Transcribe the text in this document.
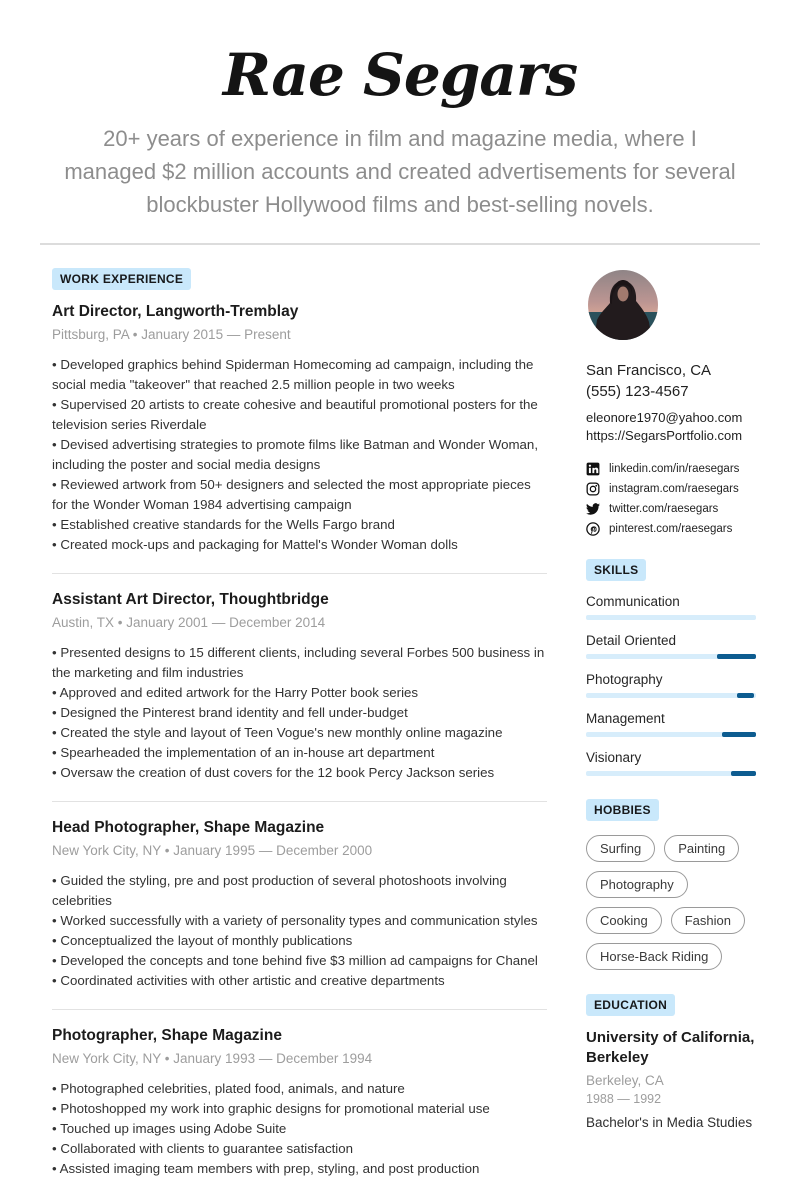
Rae Segars
20+ years of experience in film and magazine media, where I managed $2 million accounts and created advertisements for several blockbuster Hollywood films and best-selling novels.
WORK EXPERIENCE
Art Director, Langworth-Tremblay
Pittsburg, PA • January 2015 — Present
• Developed graphics behind Spiderman Homecoming ad campaign, including the social media "takeover" that reached 2.5 million people in two weeks
• Supervised 20 artists to create cohesive and beautiful promotional posters for the television series Riverdale
• Devised advertising strategies to promote films like Batman and Wonder Woman, including the poster and social media designs
• Reviewed artwork from 50+ designers and selected the most appropriate pieces for the Wonder Woman 1984 advertising campaign
• Established creative standards for the Wells Fargo brand
• Created mock-ups and packaging for Mattel's Wonder Woman dolls
Assistant Art Director, Thoughtbridge
Austin, TX • January 2001 — December 2014
• Presented designs to 15 different clients, including several Forbes 500 business in the marketing and film industries
• Approved and edited artwork for the Harry Potter book series
• Designed the Pinterest brand identity and fell under-budget
• Created the style and layout of Teen Vogue's new monthly online magazine
• Spearheaded the implementation of an in-house art department
• Oversaw the creation of dust covers for the 12 book Percy Jackson series
Head Photographer, Shape Magazine
New York City, NY • January 1995 — December 2000
• Guided the styling, pre and post production of several photoshoots involving celebrities
• Worked successfully with a variety of personality types and communication styles
• Conceptualized the layout of monthly publications
• Developed the concepts and tone behind five $3 million ad campaigns for Chanel
• Coordinated activities with other artistic and creative departments
Photographer, Shape Magazine
New York City, NY • January 1993 — December 1994
• Photographed celebrities, plated food, animals, and nature
• Photoshopped my work into graphic designs for promotional material use
• Touched up images using Adobe Suite
• Collaborated with clients to guarantee satisfaction
• Assisted imaging team members with prep, styling, and post production
San Francisco, CA
(555) 123-4567
eleonore1970@yahoo.com
https://SegarsPortfolio.com
linkedin.com/in/raesegars
instagram.com/raesegars
twitter.com/raesegars
pinterest.com/raesegars
SKILLS
Communication
Detail Oriented
Photography
Management
Visionary
HOBBIES
Surfing	Painting
Photography
Cooking	Fashion
Horse-Back Riding
EDUCATION
University of California, Berkeley
Berkeley, CA
1988 — 1992
Bachelor's in Media Studies
